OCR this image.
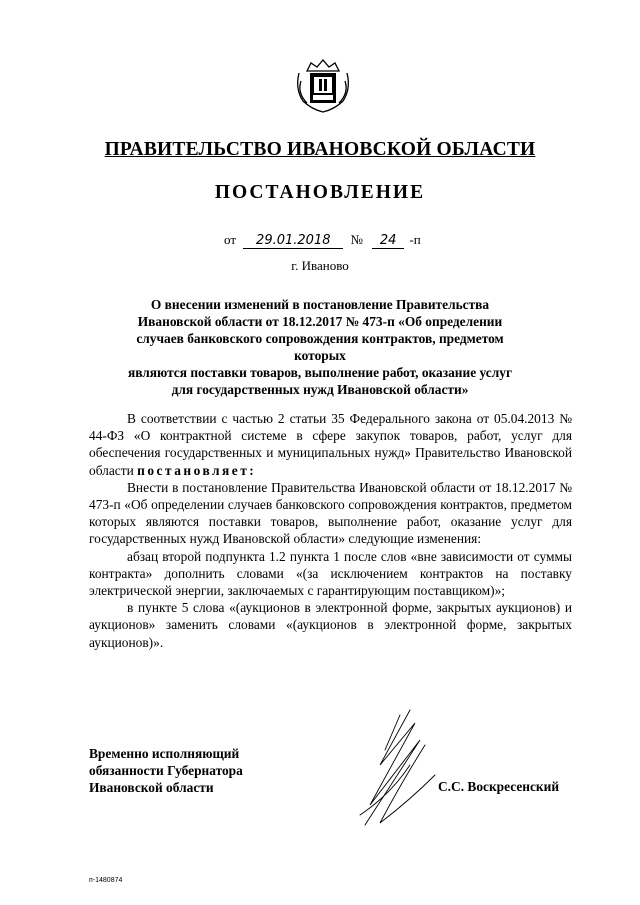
ПРАВИТЕЛЬСТВО ИВАНОВСКОЙ ОБЛАСТИ
ПОСТАНОВЛЕНИЕ
от 29.01.2018 № 24 -п
г. Иваново
О внесении изменений в постановление Правительства
Ивановской области от 18.12.2017 № 473-п «Об определении
случаев банковского сопровождения контрактов, предметом которых
являются поставки товаров, выполнение работ, оказание услуг
для государственных нужд Ивановской области»

В соответствии с частью 2 статьи 35 Федерального закона от 05.04.2013 № 44-ФЗ «О контрактной системе в сфере закупок товаров, работ, услуг для обеспечения государственных и муниципальных нужд» Правительство Ивановской области постановляет:

Внести в постановление Правительства Ивановской области от 18.12.2017 № 473-п «Об определении случаев банковского сопровождения контрактов, предметом которых являются поставки товаров, выполнение работ, оказание услуг для государственных нужд Ивановской области» следующие изменения:

абзац второй подпункта 1.2 пункта 1 после слов «вне зависимости от суммы контракта» дополнить словами «(за исключением контрактов на поставку электрической энергии, заключаемых с гарантирующим поставщиком)»;

в пункте 5 слова «(аукционов в электронной форме, закрытых аукционов) и аукционов» заменить словами «(аукционов в электронной форме, закрытых аукционов)».

Временно исполняющий
обязанности Губернатора
Ивановской области	С.С. Воскресенский
п-1480874
